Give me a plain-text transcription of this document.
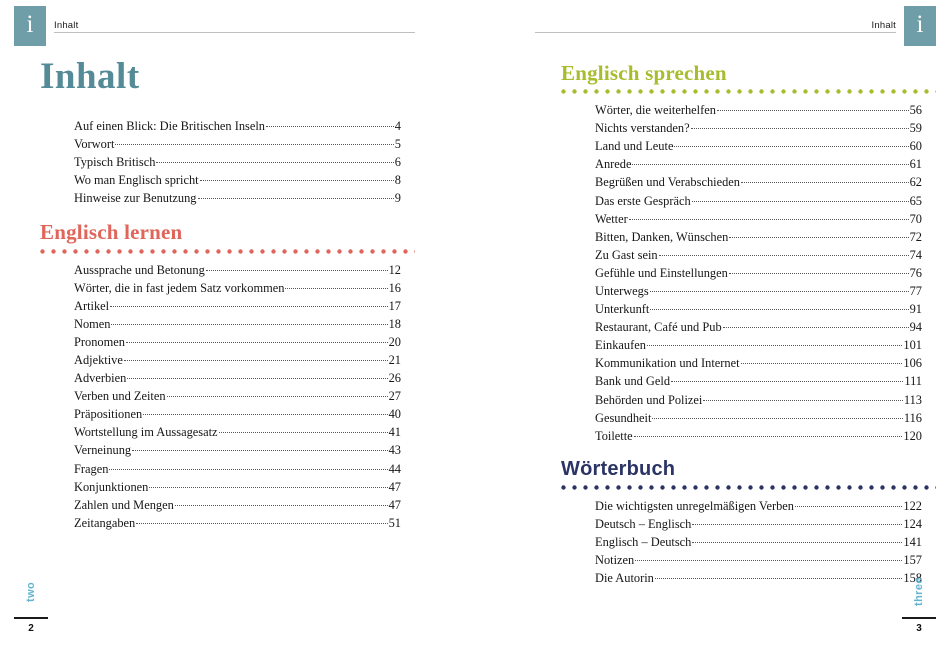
i	Inhalt
Inhalt
Auf einen Blick: Die Britischen Inseln	4
Vorwort	5
Typisch Britisch	6
Wo man Englisch spricht	8
Hinweise zur Benutzung	9
Englisch lernen
Aussprache und Betonung	12
Wörter, die in fast jedem Satz vorkommen	16
Artikel	17
Nomen	18
Pronomen	20
Adjektive	21
Adverbien	26
Verben und Zeiten	27
Präpositionen	40
Wortstellung im Aussagesatz	41
Verneinung	43
Fragen	44
Konjunktionen	47
Zahlen und Mengen	47
Zeitangaben	51
two
2
i
Inhalt
Englisch sprechen
Wörter, die weiterhelfen	56
Nichts verstanden?	59
Land und Leute	60
Anrede	61
Begrüßen und Verabschieden	62
Das erste Gespräch	65
Wetter	70
Bitten, Danken, Wünschen	72
Zu Gast sein	74
Gefühle und Einstellungen	76
Unterwegs	77
Unterkunft	91
Restaurant, Café und Pub	94
Einkaufen	101
Kommunikation und Internet	106
Bank und Geld	111
Behörden und Polizei	113
Gesundheit	116
Toilette	120
Wörterbuch
Die wichtigsten unregelmäßigen Verben	122
Deutsch – Englisch	124
Englisch – Deutsch	141
Notizen	157
Die Autorin	158
three
3
